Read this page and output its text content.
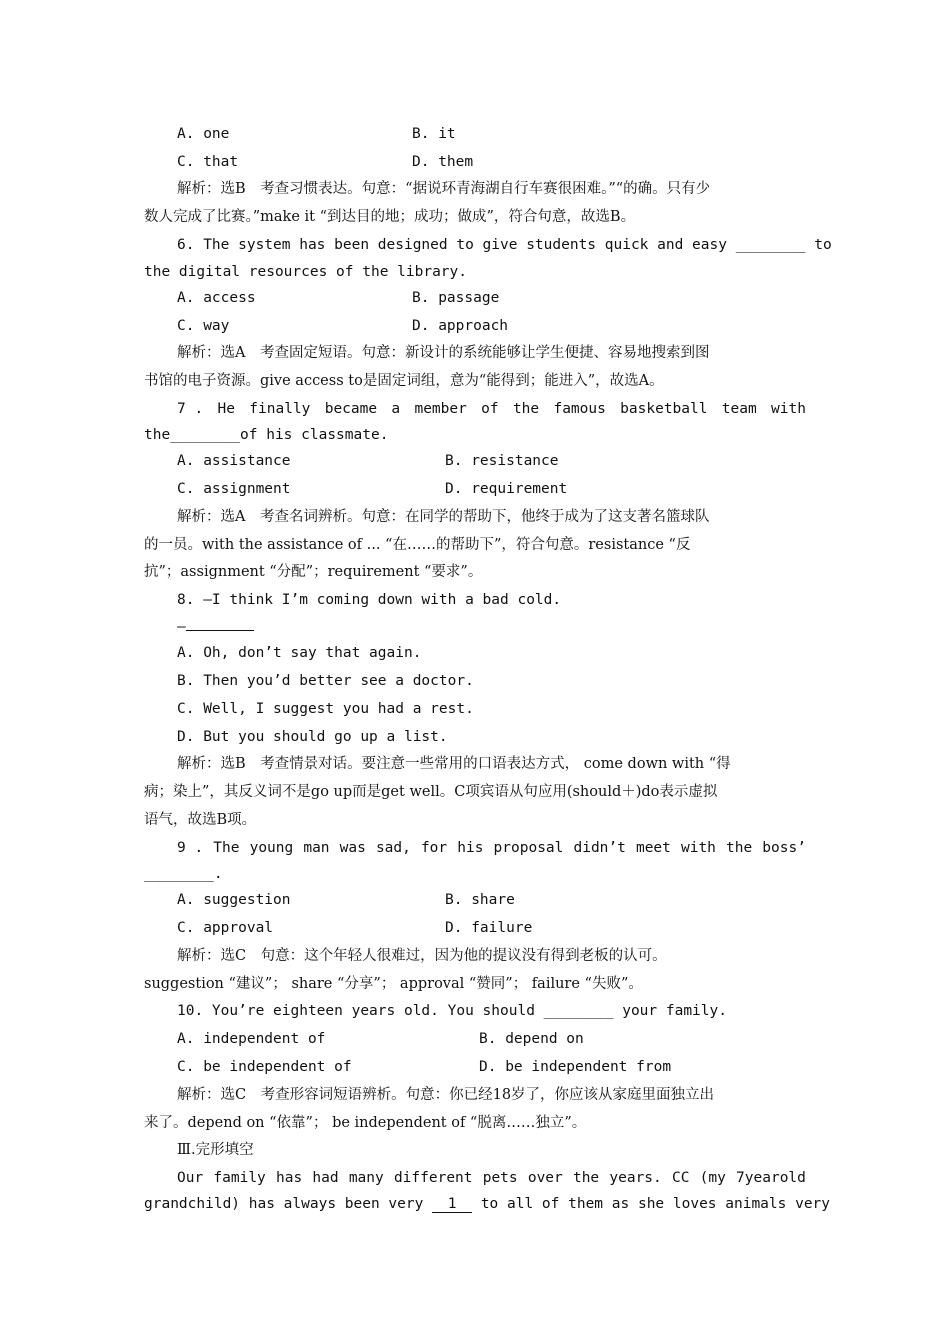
A. one	B. it
C. that	D. them
解析：选B　考查习惯表达。句意：“据说环青海湖自行车赛很困难。”“的确。只有少
数人完成了比赛。”make it “到达目的地；成功；做成”，符合句意，故选B。
6. The system has been designed to give students quick and easy ________ to
the digital resources of the library.
A. access	B. passage
C. way	D. approach
解析：选A　考查固定短语。句意：新设计的系统能够让学生便捷、容易地搜索到图
书馆的电子资源。give access to是固定词组，意为“能得到；能进入”，故选A。
7 . He finally became a member of the famous basketball team with
the________of his classmate.
A. assistance	B. resistance
C. assignment	D. requirement
解析：选A　考查名词辨析。句意：在同学的帮助下，他终于成为了这支著名篮球队
的一员。with the assistance of ... “在……的帮助下”，符合句意。resistance “反
抗”；assignment “分配”；requirement “要求”。
8. —I think I’m coming down with a bad cold.
—
A. Oh, don’t say that again.
B. Then you’d better see a doctor.
C. Well, I suggest you had a rest.
D. But you should go up a list.
解析：选B　考查情景对话。要注意一些常用的口语表达方式， come down with “得
病；染上”，其反义词不是go up而是get well。C项宾语从句应用(should＋)do表示虚拟
语气，故选B项。
9 . The young man was sad, for his proposal didn’t meet with the boss’
________.
A. suggestion	B. share
C. approval	D. failure
解析：选C　句意：这个年轻人很难过，因为他的提议没有得到老板的认可。
suggestion “建议”； share “分享”； approval “赞同”； failure “失败”。
10. You’re eighteen years old. You should ________ your family.
A. independent of	B. depend on
C. be independent of	D. be independent from
解析：选C　考查形容词短语辨析。句意：你已经18岁了，你应该从家庭里面独立出
来了。depend on “依靠”； be independent of “脱离……独立”。
Ⅲ.完形填空
Our family has had many different pets over the years. CC (my 7yearold
grandchild) has always been very 1 to all of them as she loves animals very
